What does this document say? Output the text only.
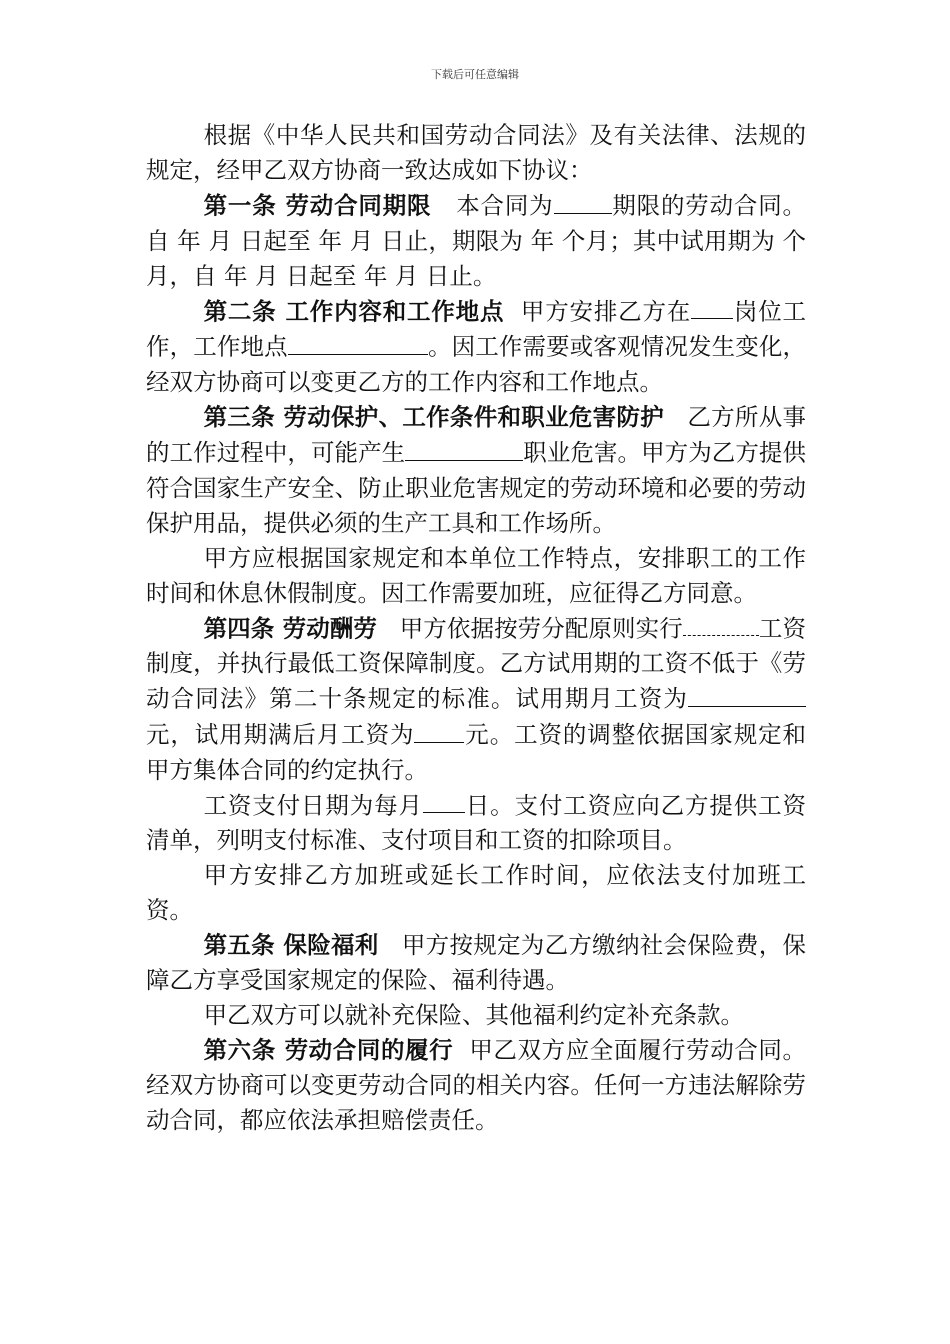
下载后可任意编辑

根据《中华人民共和国劳动合同法》及有关法律、法规的规定，经甲乙双方协商一致达成如下协议：

第一条 劳动合同期限 本合同为 期限的劳动合同。自 年 月 日起至 年 月 日止，期限为 年 个月；其中试用期为 个月，自 年 月 日起至 年 月 日止。

第二条 工作内容和工作地点 甲方安排乙方在 岗位工作，工作地点	。因工作需要或客观情况发生变化，经双方协商可以变更乙方的工作内容和工作地点。

第三条 劳动保护、工作条件和职业危害防护 乙方所从事的工作过程中，可能产生	职业危害。甲方为乙方提供符合国家生产安全、防止职业危害规定的劳动环境和必要的劳动保护用品，提供必须的生产工具和工作场所。

甲方应根据国家规定和本单位工作特点，安排职工的工作时间和休息休假制度。因工作需要加班，应征得乙方同意。

第四条 劳动酬劳 甲方依据按劳分配原则实行	工资制度，并执行最低工资保障制度。乙方试用期的工资不低于《劳动合同法》第二十条规定的标准。试用期月工资为元，试用期满后月工资为 元。工资的调整依据国家规定和甲方集体合同的约定执行。

工资支付日期为每月 日。支付工资应向乙方提供工资清单，列明支付标准、支付项目和工资的扣除项目。

甲方安排乙方加班或延长工作时间，应依法支付加班工资。

第五条 保险福利 甲方按规定为乙方缴纳社会保险费，保障乙方享受国家规定的保险、福利待遇。

甲乙双方可以就补充保险、其他福利约定补充条款。

第六条 劳动合同的履行 甲乙双方应全面履行劳动合同。经双方协商可以变更劳动合同的相关内容。任何一方违法解除劳动合同，都应依法承担赔偿责任。
